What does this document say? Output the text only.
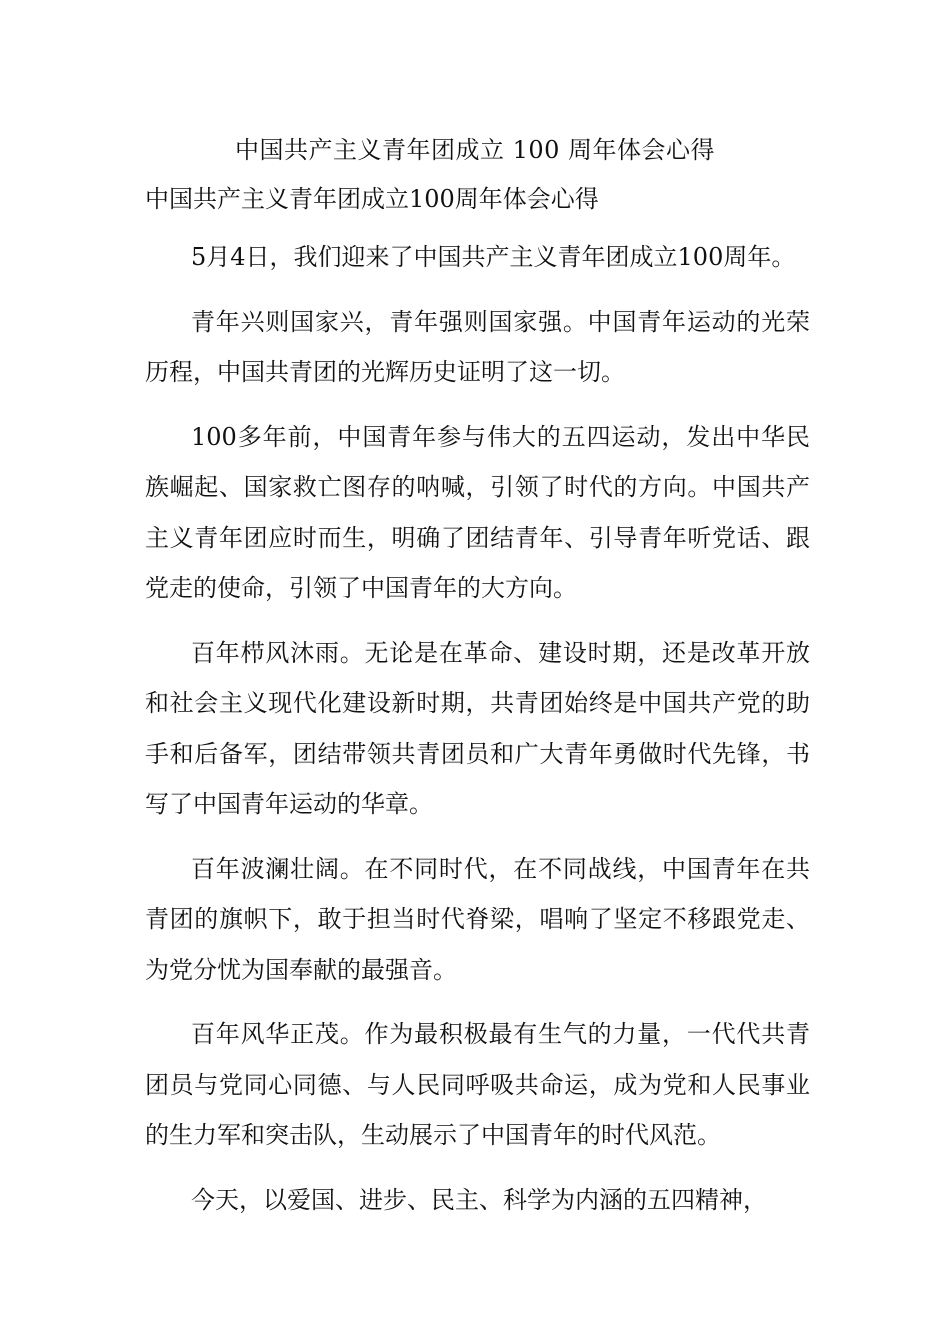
中国共产主义青年团成立 100 周年体会心得

中国共产主义青年团成立100周年体会心得

5月4日，我们迎来了中国共产主义青年团成立100周年。

青年兴则国家兴，青年强则国家强。中国青年运动的光荣历程，中国共青团的光辉历史证明了这一切。

100多年前，中国青年参与伟大的五四运动，发出中华民族崛起、国家救亡图存的呐喊，引领了时代的方向。中国共产主义青年团应时而生，明确了团结青年、引导青年听党话、跟党走的使命，引领了中国青年的大方向。

百年栉风沐雨。无论是在革命、建设时期，还是改革开放和社会主义现代化建设新时期，共青团始终是中国共产党的助手和后备军，团结带领共青团员和广大青年勇做时代先锋，书写了中国青年运动的华章。

百年波澜壮阔。在不同时代，在不同战线，中国青年在共青团的旗帜下，敢于担当时代脊梁，唱响了坚定不移跟党走、为党分忧为国奉献的最强音。

百年风华正茂。作为最积极最有生气的力量，一代代共青团员与党同心同德、与人民同呼吸共命运，成为党和人民事业的生力军和突击队，生动展示了中国青年的时代风范。

今天，以爱国、进步、民主、科学为内涵的五四精神，
